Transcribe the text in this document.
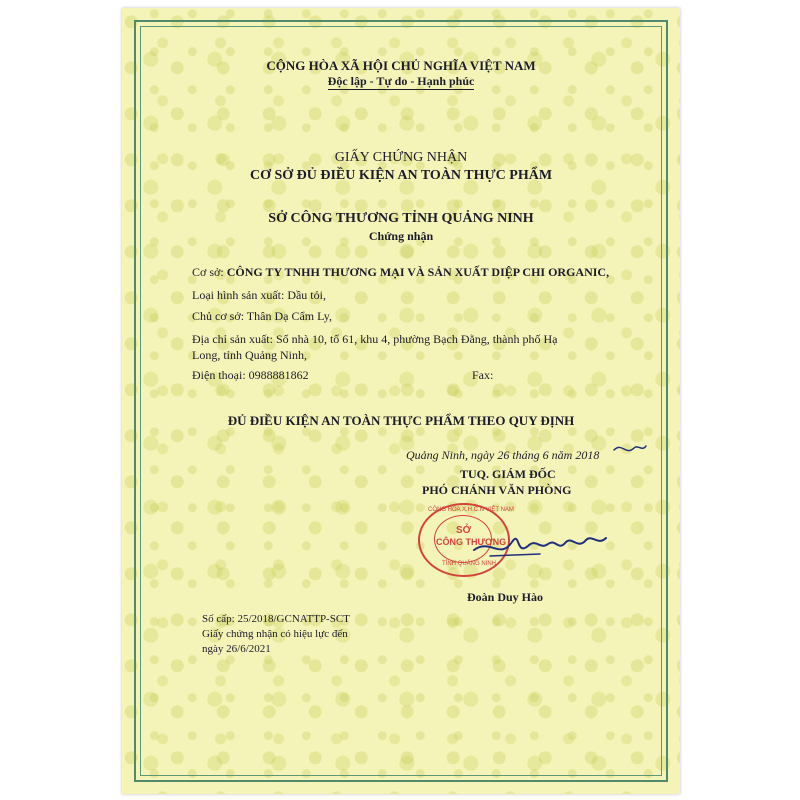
CỘNG HÒA XÃ HỘI CHỦ NGHĨA VIỆT NAM
Độc lập - Tự do - Hạnh phúc
GIẤY CHỨNG NHẬN
CƠ SỞ ĐỦ ĐIỀU KIỆN AN TOÀN THỰC PHẨM
SỞ CÔNG THƯƠNG TỈNH QUẢNG NINH
Chứng nhận
Cơ sở: CÔNG TY TNHH THƯƠNG MẠI VÀ SẢN XUẤT DIỆP CHI ORGANIC,
Loại hình sản xuất: Dầu tỏi,
Chủ cơ sở: Thân Dạ Cẩm Ly,
Địa chỉ sản xuất: Số nhà 10, tổ 61, khu 4, phường Bạch Đằng, thành phố Hạ
Long, tỉnh Quảng Ninh,
Điện thoại: 0988881862	Fax:
ĐỦ ĐIỀU KIỆN AN TOÀN THỰC PHẨM THEO QUY ĐỊNH
Quảng Ninh, ngày 26 tháng 6 năm 2018
TUQ. GIÁM ĐỐC
PHÓ CHÁNH VĂN PHÒNG
Đoàn Duy Hào
Số cấp: 25/2018/GCNATTP-SCT
Giấy chứng nhận có hiệu lực đến
ngày 26/6/2021
CỘNG HÒA X.H.C.N VIỆT NAM
SỞ
CÔNG THƯƠNG
TỈNH QUẢNG NINH
